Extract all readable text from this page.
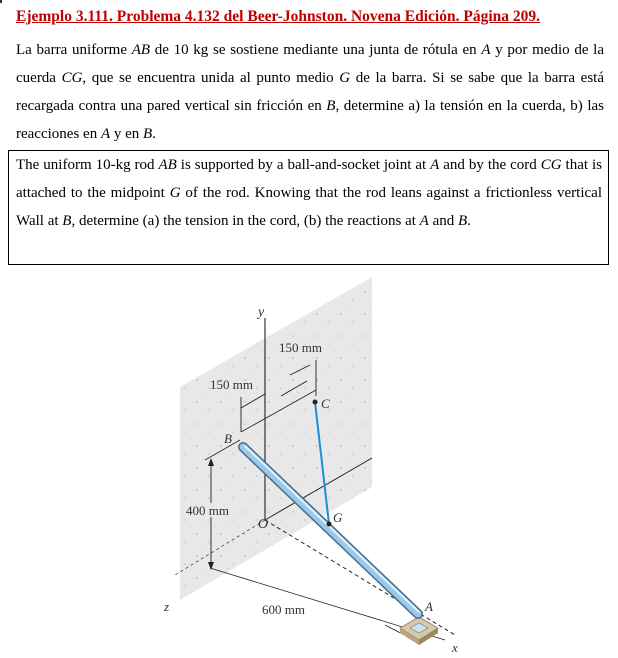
Ejemplo 3.111. Problema 4.132 del Beer-Johnston. Novena Edición. Página 209.
La barra uniforme AB de 10 kg se sostiene mediante una junta de rótula en A y por medio de la cuerda CG, que se encuentra unida al punto medio G de la barra. Si se sabe que la barra está recargada contra una pared vertical sin fricción en B, determine a) la tensión en la cuerda, b) las reacciones en A y en B.
The uniform 10-kg rod AB is supported by a ball-and-socket joint at A and by the cord CG that is attached to the midpoint G of the rod. Knowing that the rod leans against a frictionless vertical Wall at B, determine (a) the tension in the cord, (b) the reactions at A and B.
y
z
x
O
150 mm
150 mm
400 mm
600 mm
C
G
B
A
